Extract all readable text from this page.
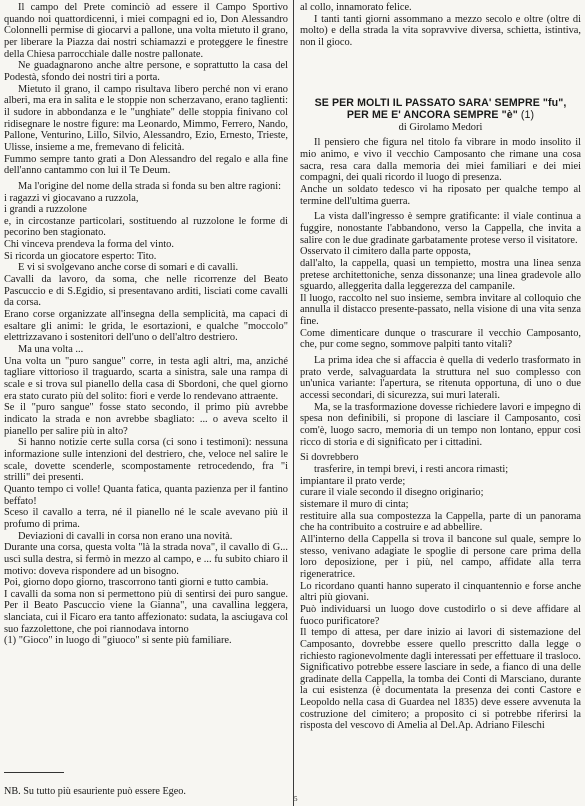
Il campo del Prete cominciò ad essere il Campo Sportivo quando noi quattordicenni, i miei compagni ed io, Don Alessandro Colonnelli permise di giocarvi a pallone, una volta mietuto il grano, per liberare la Piazza dai nostri schiamazzi e proteggere le finestre della Chiesa parrocchiale dalle nostre pallonate.

Ne guadagnarono anche altre persone, e soprattutto la casa del Podestà, sfondo dei nostri tiri a porta.

Mietuto il grano, il campo risultava libero perché non vi erano alberi, ma era in salita e le stoppie non scherzavano, erano taglienti: il sudore in abbondanza e le "unghiate" delle stoppia finivano col ridisegnare le nostre figure: ma Leonardo, Mimmo, Ferrero, Nando, Pallone, Venturino, Lillo, Silvio, Alessandro, Ezio, Ernesto, Trieste, Ulisse, insieme a me, fremevano di felicità.

Fummo sempre tanto grati a Don Alessandro del regalo e alla fine dell'anno cantammo con lui il Te Deum.

Ma l'origine del nome della strada si fonda su ben altre ragioni:

i ragazzi vi giocavano a ruzzola,

i grandi a ruzzolone

e, in circostanze particolari, sostituendo al ruzzolone le forme di pecorino ben stagionato.

Chi vinceva prendeva la forma del vinto.

Si ricorda un giocatore esperto: Tito.

E vi si svolgevano anche corse di somari e di cavalli.

Cavalli da lavoro, da soma, che nelle ricorrenze del Beato Pascuccio e di S.Egidio, si presentavano arditi, lisciati come cavalli da corsa.

Erano corse organizzate all'insegna della semplicità, ma capaci di esaltare gli animi: le grida, le esortazioni, e qualche "moccolo" elettrizzavano i sostenitori dell'uno o dell'altro destriero.

Ma una volta ...

Una volta un "puro sangue" corre, in testa agli altri, ma, anziché tagliare vittorioso il traguardo, scarta a sinistra, sale una rampa di scale e si trova sul pianello della casa di Sbordoni, che quel giorno era stato curato più del solito: fiori e verde lo rendevano attraente.

Se il "puro sangue" fosse stato secondo, il primo più avrebbe indicato la strada e non avrebbe sbagliato: ... o aveva scelto il pianello per salire più in alto?

Si hanno notizie certe sulla corsa (ci sono i testimoni): nessuna informazione sulle intenzioni del destriero, che, veloce nel salire le scale, dovette scenderle, scompostamente retrocedendo, fra "i strilli" dei presenti.

Quanto tempo ci volle! Quanta fatica, quanta pazienza per il fantino beffato!

Sceso il cavallo a terra, né il pianello né le scale avevano più il profumo di prima.

Deviazioni di cavalli in corsa non erano una novità.

Durante una corsa, questa volta "là la strada nova", il cavallo di G... uscì sulla destra, si fermò in mezzo al campo, e ... fu subito chiaro il motivo: doveva rispondere ad un bisogno.

Poi, giorno dopo giorno, trascorrono tanti giorni e tutto cambia.

I cavalli da soma non si permettono più di sentirsi dei puro sangue. Per il Beato Pascuccio viene la Gianna", una cavallina leggera, slanciata, cui il Ficaro era tanto affezionato: sudata, la asciugava col suo fazzolettone, che poi riannodava intorno

(1) "Gioco" in luogo di "giuoco" si sente più familiare.

al collo, innamorato felice.

I tanti tanti giorni assommano a mezzo secolo e oltre (oltre di molto) e della strada la vita sopravvive diversa, schietta, istintiva, non il gioco.

SE PER MOLTI IL PASSATO SARA' SEMPRE "fu",
PER ME E' ANCORA SEMPRE "è" (1)

di Girolamo Medori

Il pensiero che figura nel titolo fa vibrare in modo insolito il mio animo, e vivo il vecchio Camposanto che rimane una cosa sacra, resa cara dalla memoria dei miei familiari e dei miei compagni, dei quali ricordo il luogo di presenza.

Anche un soldato tedesco vi ha riposato per qualche tempo al termine dell'ultima guerra.

La vista dall'ingresso è sempre gratificante: il viale continua a fuggire, nonostante l'abbandono, verso la Cappella, che invita a salire con le due gradinate garbatamente protese verso il visitatore.

Osservato il cimitero dalla parte opposta,

dall'alto, la cappella, quasi un tempietto, mostra una linea senza pretese architettoniche, senza dissonanze; una linea gradevole allo sguardo, alleggerita dalla leggerezza del campanile.

Il luogo, raccolto nel suo insieme, sembra invitare al colloquio che annulla il distacco presente-passato, nella visione di una vita senza fine.

Come dimenticare dunque o trascurare il vecchio Camposanto, che, pur come segno, sommove palpiti tanto vitali?

La prima idea che si affaccia è quella di vederlo trasformato in prato verde, salvaguardata la struttura nel suo complesso con un'unica variante: l'apertura, se ritenuta opportuna, di uno o due accessi secondari, di sicurezza, sui muri laterali.

Ma, se la trasformazione dovesse richiedere lavori e impegno di spesa non definibili, si propone di lasciare il Camposanto, così com'è, luogo sacro, memoria di un tempo non lontano, eppur così ricco di storia e di significato per i cittadini.

Si dovrebbero

trasferire, in tempi brevi, i resti ancora rimasti;

impiantare il prato verde;

curare il viale secondo il disegno originario;

sistemare il muro di cinta;

restituire alla sua compostezza la Cappella, parte di un panorama che ha contribuito a costruire e ad abbellire.

All'interno della Cappella si trova il bancone sul quale, sempre lo stesso, venivano adagiate le spoglie di persone care prima della loro deposizione, per i più, nel campo, affidate alla terra rigeneratrice.

Lo ricordano quanti hanno superato il cinquantennio e forse anche altri più giovani.

Può individuarsi un luogo dove custodirlo o si deve affidare al fuoco purificatore?

Il tempo di attesa, per dare inizio ai lavori di sistemazione del Camposanto, dovrebbe essere quello prescritto dalla legge o richiesto ragionevolmente dagli interessati per effettuare il trasloco.

Significativo potrebbe essere lasciare in sede, a fianco di una delle gradinate della Cappella, la tomba dei Conti di Marsciano, durante la cui esistenza (è documentata la presenza dei conti Castore e Leopoldo nella casa di Guardea nel 1835) deve essere avvenuta la costruzione del cimitero; a proposito ci si potrebbe riferirsi la risposta del vescovo di Amelia al Del.Ap. Adriano Fileschi

NB. Su tutto più esauriente può essere Egeo.

5
